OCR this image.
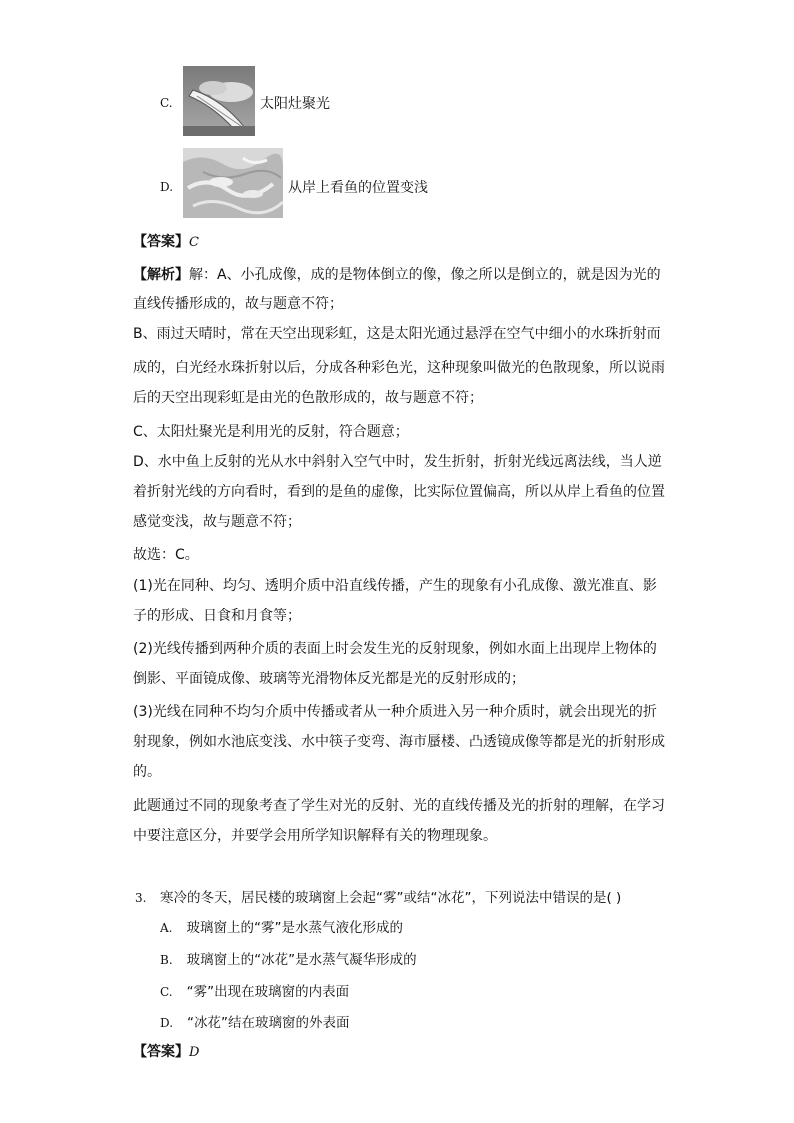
C.	太阳灶聚光
D.	从岸上看鱼的位置变浅
【答案】C
【解析】解：A、小孔成像，成的是物体倒立的像，像之所以是倒立的，就是因为光的
直线传播形成的，故与题意不符；
B、雨过天晴时，常在天空出现彩虹，这是太阳光通过悬浮在空气中细小的水珠折射而
成的，白光经水珠折射以后，分成各种彩色光，这种现象叫做光的色散现象，所以说雨
后的天空出现彩虹是由光的色散形成的，故与题意不符；
C、太阳灶聚光是利用光的反射，符合题意；
D、水中鱼上反射的光从水中斜射入空气中时，发生折射，折射光线远离法线，当人逆
着折射光线的方向看时，看到的是鱼的虚像，比实际位置偏高，所以从岸上看鱼的位置
感觉变浅，故与题意不符；
故选：C。
(1)光在同种、均匀、透明介质中沿直线传播，产生的现象有小孔成像、激光准直、影
子的形成、日食和月食等；
(2)光线传播到两种介质的表面上时会发生光的反射现象，例如水面上出现岸上物体的
倒影、平面镜成像、玻璃等光滑物体反光都是光的反射形成的；
(3)光线在同种不均匀介质中传播或者从一种介质进入另一种介质时，就会出现光的折
射现象，例如水池底变浅、水中筷子变弯、海市蜃楼、凸透镜成像等都是光的折射形成
的。
此题通过不同的现象考查了学生对光的反射、光的直线传播及光的折射的理解，在学习
中要注意区分，并要学会用所学知识解释有关的物理现象。
3. 寒冷的冬天，居民楼的玻璃窗上会起“雾”或结“冰花”，下列说法中错误的是( )
A. 玻璃窗上的“雾”是水蒸气液化形成的
B. 玻璃窗上的“冰花”是水蒸气凝华形成的
C. “雾”出现在玻璃窗的内表面
D. “冰花”结在玻璃窗的外表面
【答案】D
